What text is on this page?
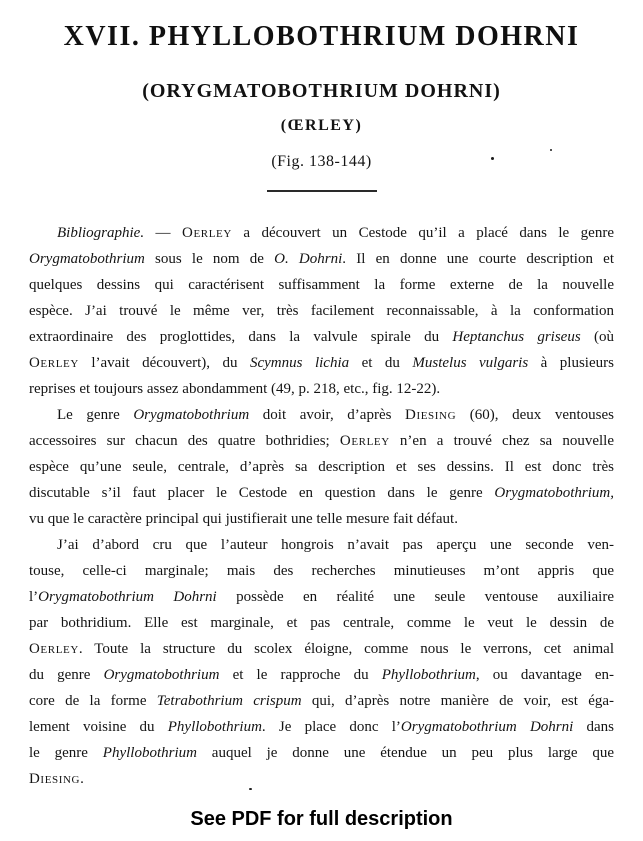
XVII. PHYLLOBOTHRIUM DOHRNI
(ORYGMATOBOTHRIUM DOHRNI)
(ŒRLEY)
(Fig. 138-144)
Bibliographie. — Oerley a découvert un Cestode qu’il a placé dans le genre
Orygmatobothrium sous le nom de O. Dohrni. Il en donne une courte description et
quelques dessins qui caractérisent suffisamment la forme externe de la nouvelle
espèce. J’ai trouvé le même ver, très facilement reconnaissable, à la conformation
extraordinaire des proglottides, dans la valvule spirale du Heptanchus griseus (où
Oerley l’avait découvert), du Scymnus lichia et du Mustelus vulgaris à plusieurs
reprises et toujours assez abondamment (49, p. 218, etc., fig. 12-22).
Le genre Orygmatobothrium doit avoir, d’après Diesing (60), deux ventouses
accessoires sur chacun des quatre bothridies; Oerley n’en a trouvé chez sa nouvelle
espèce qu’une seule, centrale, d’après sa description et ses dessins. Il est donc très
discutable s’il faut placer le Cestode en question dans le genre Orygmatobothrium,
vu que le caractère principal qui justifierait une telle mesure fait défaut.
J’ai d’abord cru que l’auteur hongrois n’avait pas aperçu une seconde ven-
touse, celle-ci marginale; mais des recherches minutieuses m’ont appris que
l’Orygmatobothrium Dohrni possède en réalité une seule ventouse auxiliaire
par bothridium. Elle est marginale, et pas centrale, comme le veut le dessin de
Oerley. Toute la structure du scolex éloigne, comme nous le verrons, cet animal
du genre Orygmatobothrium et le rapproche du Phyllobothrium, ou davantage en-
core de la forme Tetrabothrium crispum qui, d’après notre manière de voir, est éga-
lement voisine du Phyllobothrium. Je place donc l’Orygmatobothrium Dohrni dans
le genre Phyllobothrium auquel je donne une étendue un peu plus large que
Diesing.
See PDF for full description
